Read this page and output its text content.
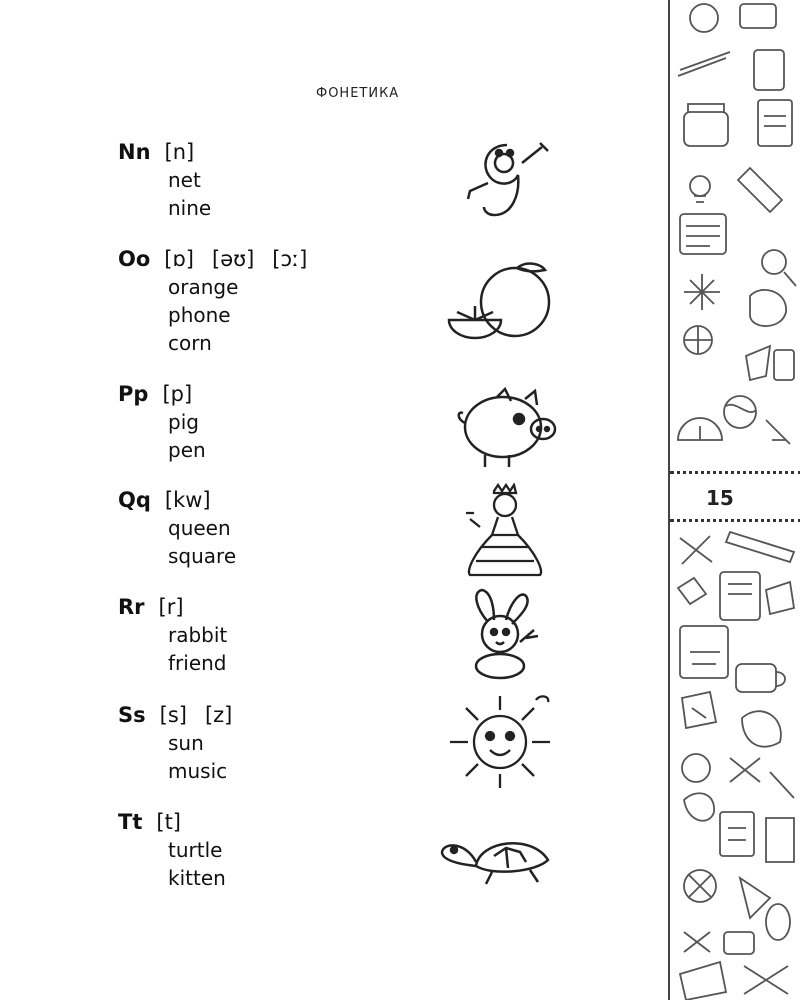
ФОНЕТИКА
Nn [n]
net
nine
Oo [ɒ] [əʊ] [ɔː]
orange
phone
corn
Pp [p]
pig
pen
Qq [kw]
queen
square
Rr [r]
rabbit
friend
Ss [s] [z]
sun
music
Tt [t]
turtle
kitten
15
